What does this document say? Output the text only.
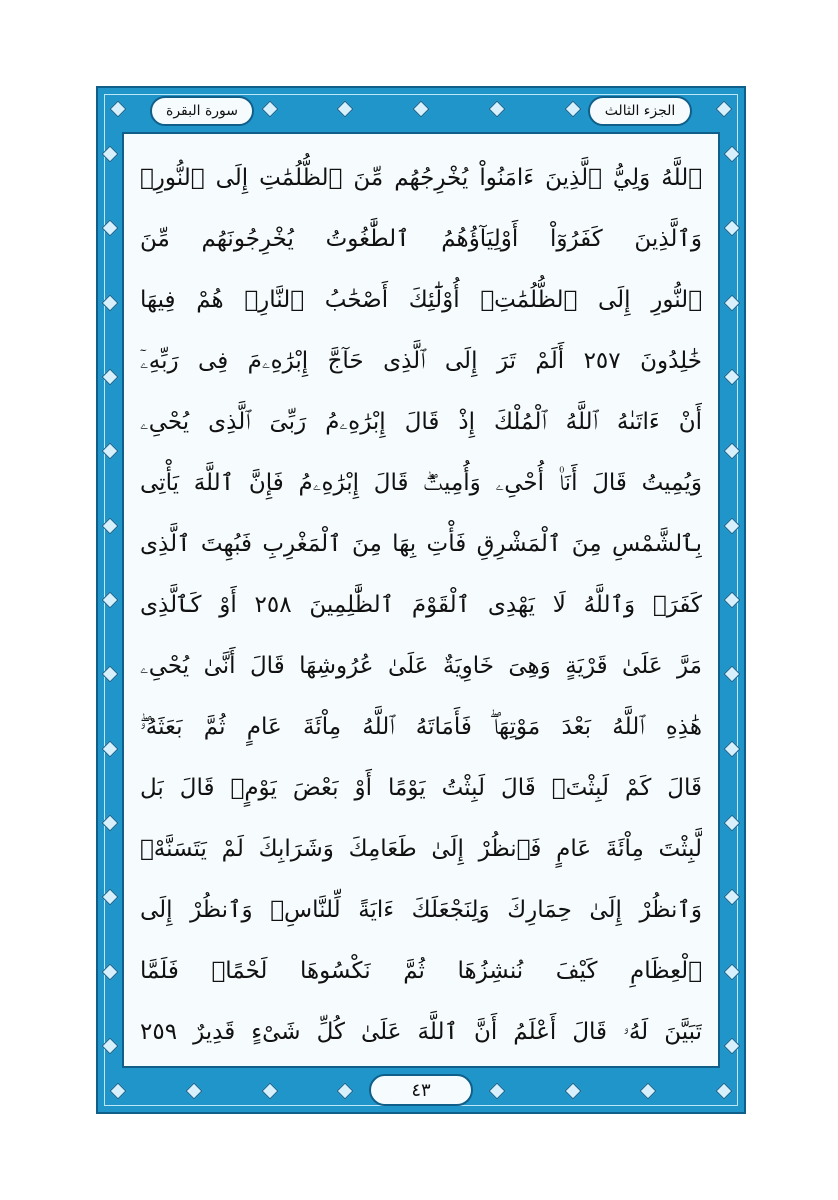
الجزء الثالث
سورة البقرة
ٱللَّهُ وَلِيُّ ٱلَّذِينَ ءَامَنُواْ يُخْرِجُهُم مِّنَ ٱلظُّلُمَٰتِ إِلَى ٱلنُّورِۖ
وَٱلَّذِينَ كَفَرُوٓاْ أَوْلِيَآؤُهُمُ ٱلطَّٰغُوتُ يُخْرِجُونَهُم مِّنَ
ٱلنُّورِ إِلَى ٱلظُّلُمَٰتِۗ أُوْلَٰٓئِكَ أَصْحَٰبُ ٱلنَّارِۖ هُمْ فِيهَا
خَٰلِدُونَ ٢٥٧ أَلَمْ تَرَ إِلَى ٱلَّذِى حَآجَّ إِبْرَٰهِۦمَ فِى رَبِّهِۦٓ
أَنْ ءَاتَىٰهُ ٱللَّهُ ٱلْمُلْكَ إِذْ قَالَ إِبْرَٰهِۦمُ رَبِّىَ ٱلَّذِى يُحْىِۦ
وَيُمِيتُ قَالَ أَنَا۠ أُحْىِۦ وَأُمِيتُۖ قَالَ إِبْرَٰهِۦمُ فَإِنَّ ٱللَّهَ يَأْتِى
بِٱلشَّمْسِ مِنَ ٱلْمَشْرِقِ فَأْتِ بِهَا مِنَ ٱلْمَغْرِبِ فَبُهِتَ ٱلَّذِى
كَفَرَۗ وَٱللَّهُ لَا يَهْدِى ٱلْقَوْمَ ٱلظَّٰلِمِينَ ٢٥٨ أَوْ كَٱلَّذِى
مَرَّ عَلَىٰ قَرْيَةٍ وَهِىَ خَاوِيَةٌ عَلَىٰ عُرُوشِهَا قَالَ أَنَّىٰ يُحْىِۦ
هَٰذِهِ ٱللَّهُ بَعْدَ مَوْتِهَاۖ فَأَمَاتَهُ ٱللَّهُ مِاْئَةَ عَامٍ ثُمَّ بَعَثَهُۥۖ
قَالَ كَمْ لَبِثْتَۖ قَالَ لَبِثْتُ يَوْمًا أَوْ بَعْضَ يَوْمٍۖ قَالَ بَل
لَّبِثْتَ مِاْئَةَ عَامٍ فَٱنظُرْ إِلَىٰ طَعَامِكَ وَشَرَابِكَ لَمْ يَتَسَنَّهْۖ
وَٱنظُرْ إِلَىٰ حِمَارِكَ وَلِنَجْعَلَكَ ءَايَةً لِّلنَّاسِۖ وَٱنظُرْ إِلَى
ٱلْعِظَامِ كَيْفَ نُنشِزُهَا ثُمَّ نَكْسُوهَا لَحْمًاۚ فَلَمَّا
تَبَيَّنَ لَهُۥ قَالَ أَعْلَمُ أَنَّ ٱللَّهَ عَلَىٰ كُلِّ شَىْءٍ قَدِيرٌ ٢٥٩
٤٣
